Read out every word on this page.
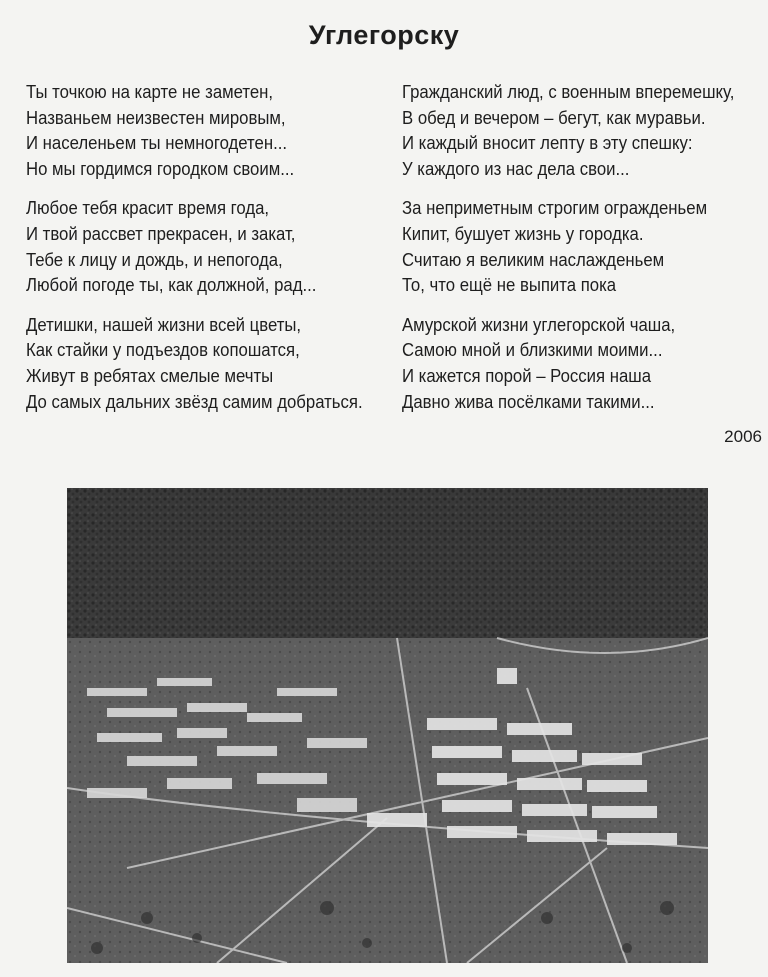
Углегорску
Ты точкою на карте не заметен,
Названьем неизвестен мировым,
И населеньем ты немногодетен...
Но мы гордимся городком своим...
Любое тебя красит время года,
И твой рассвет прекрасен, и закат,
Тебе к лицу и дождь, и непогода,
Любой погоде ты, как должной, рад...
Детишки, нашей жизни всей цветы,
Как стайки у подъездов копошатся,
Живут в ребятах смелые мечты
До самых дальних звёзд самим добраться.
Гражданский люд, с военным вперемешку,
В обед и вечером – бегут, как муравьи.
И каждый вносит лепту в эту спешку:
У каждого из нас дела свои...
За неприметным строгим огражденьем
Кипит, бушует жизнь у городка.
Считаю я великим наслажденьем
То, что ещё не выпита пока
Амурской жизни углегорской чаша,
Самою мной и близкими моими...
И кажется порой – Россия наша
Давно жива посёлками такими...
2006
